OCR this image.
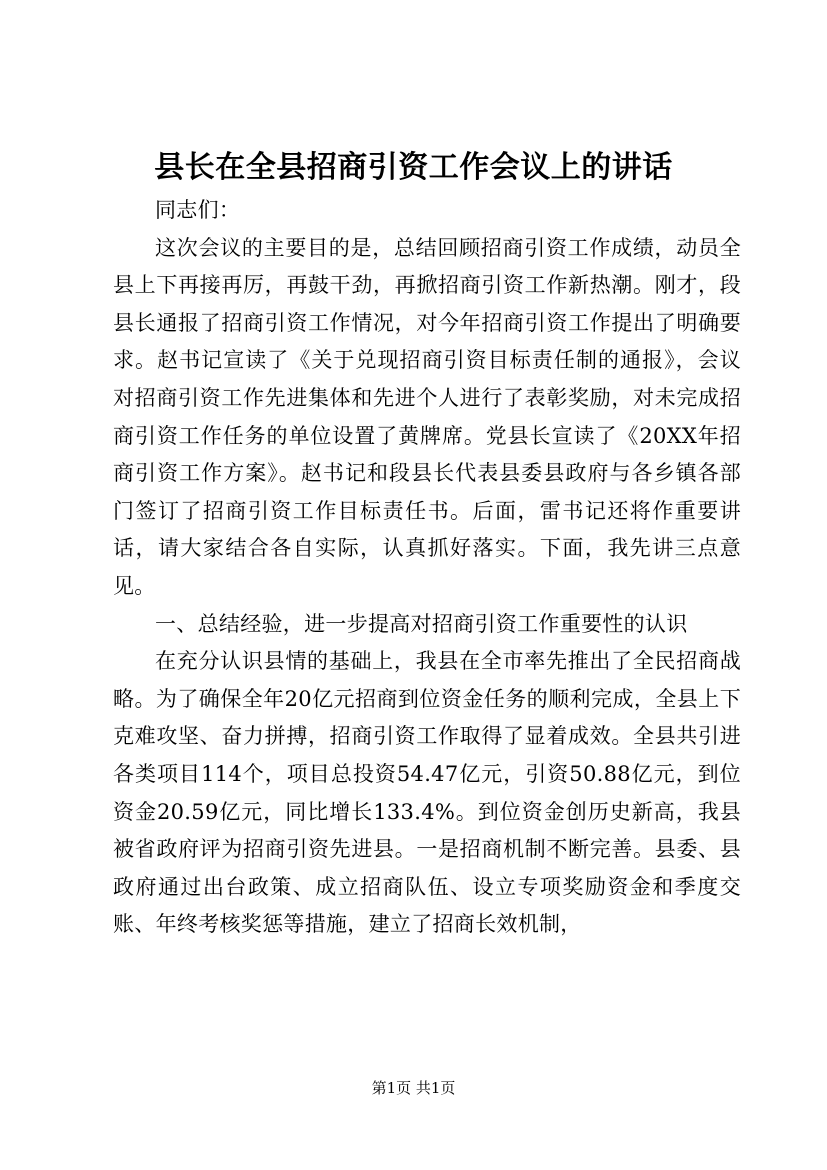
县长在全县招商引资工作会议上的讲话

同志们：

这次会议的主要目的是，总结回顾招商引资工作成绩，动员全县上下再接再厉，再鼓干劲，再掀招商引资工作新热潮。刚才，段县长通报了招商引资工作情况，对今年招商引资工作提出了明确要求。赵书记宣读了《关于兑现招商引资目标责任制的通报》，会议对招商引资工作先进集体和先进个人进行了表彰奖励，对未完成招商引资工作任务的单位设置了黄牌席。党县长宣读了《20XX年招商引资工作方案》。赵书记和段县长代表县委县政府与各乡镇各部门签订了招商引资工作目标责任书。后面，雷书记还将作重要讲话，请大家结合各自实际，认真抓好落实。下面，我先讲三点意见。

一、总结经验，进一步提高对招商引资工作重要性的认识

在充分认识县情的基础上，我县在全市率先推出了全民招商战略。为了确保全年20亿元招商到位资金任务的顺利完成，全县上下克难攻坚、奋力拼搏，招商引资工作取得了显着成效。全县共引进各类项目114个，项目总投资54.47亿元，引资50.88亿元，到位资金20.59亿元，同比增长133.4%。到位资金创历史新高，我县被省政府评为招商引资先进县。一是招商机制不断完善。县委、县政府通过出台政策、成立招商队伍、设立专项奖励资金和季度交账、年终考核奖惩等措施，建立了招商长效机制，

第1页 共1页
